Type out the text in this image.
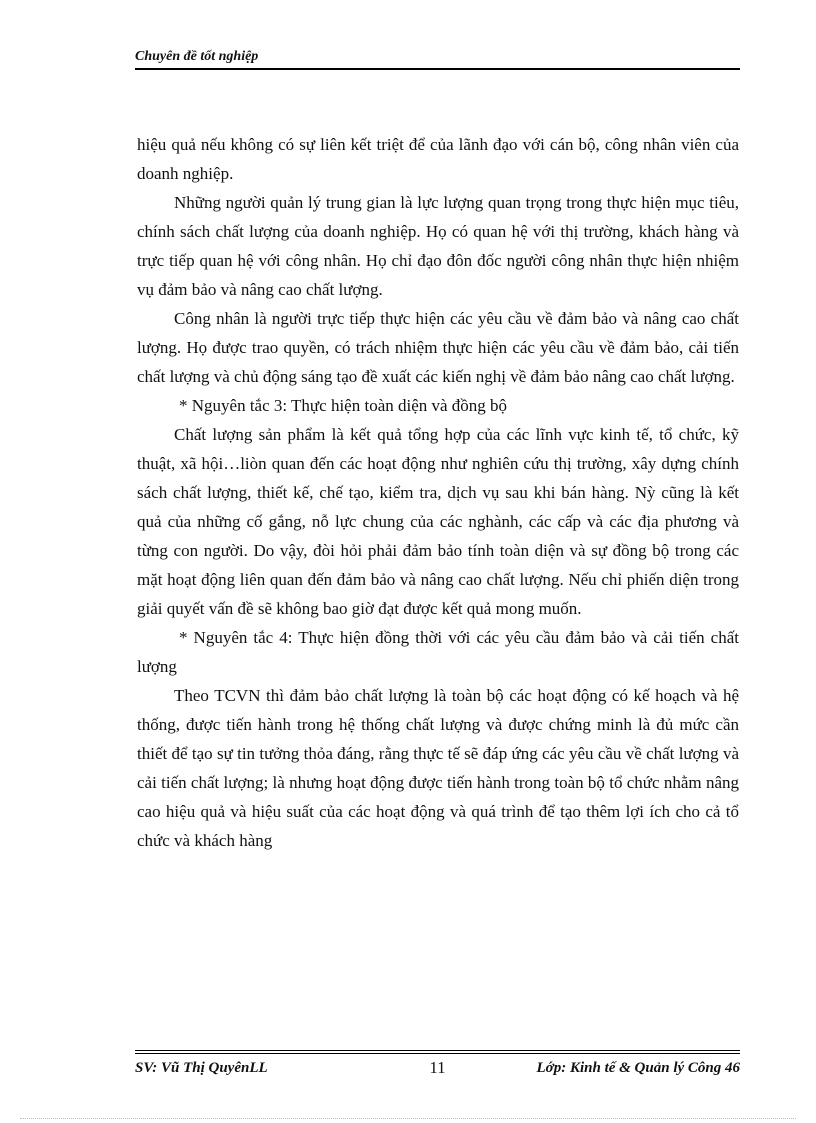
Chuyên đề tốt nghiệp

hiệu quả nếu không có sự liên kết triệt để của lãnh đạo với cán bộ, công nhân viên của doanh nghiệp.

Những người quản lý trung gian là lực lượng quan trọng trong thực hiện mục tiêu, chính sách chất lượng của doanh nghiệp. Họ có quan hệ với thị trường, khách hàng và trực tiếp quan hệ với công nhân. Họ chỉ đạo đôn đốc người công nhân thực hiện nhiệm vụ đảm bảo và nâng cao chất lượng.

Công nhân là người trực tiếp thực hiện các yêu cầu về đảm bảo và nâng cao chất lượng. Họ được trao quyền, có trách nhiệm thực hiện các yêu cầu về đảm bảo, cải tiến chất lượng và chủ động sáng tạo đề xuất các kiến nghị về đảm bảo nâng cao chất lượng.

* Nguyên tắc 3: Thực hiện toàn diện và đồng bộ

Chất lượng sản phẩm là kết quả tổng hợp của các lĩnh vực kinh tế, tổ chức, kỹ thuật, xã hội…liòn quan đến các hoạt động như nghiên cứu thị trường, xây dựng chính sách chất lượng, thiết kế, chế tạo, kiểm tra, dịch vụ sau khi bán hàng. Nỳ cũng là kết quả của những cố gắng, nỗ lực chung của các nghành, các cấp và các địa phương và từng con người. Do vậy, đòi hỏi phải đảm bảo tính toàn diện và sự đồng bộ trong các mặt hoạt động liên quan đến đảm bảo và nâng cao chất lượng. Nếu chỉ phiến diện trong giải quyết vấn đề sẽ không bao giờ đạt được kết quả mong muốn.

* Nguyên tắc 4: Thực hiện đồng thời với các yêu cầu đảm bảo và cải tiến chất lượng

Theo TCVN thì đảm bảo chất lượng là toàn bộ các hoạt động có kế hoạch và hệ thống, được tiến hành trong hệ thống chất lượng và được chứng minh là đủ mức cần thiết để tạo sự tin tưởng thỏa đáng, rằng thực tế sẽ đáp ứng các yêu cầu về chất lượng và cải tiến chất lượng; là nhưng hoạt động được tiến hành trong toàn bộ tổ chức nhằm nâng cao hiệu quả và hiệu suất của các hoạt động và quá trình để tạo thêm lợi ích cho cả tổ chức và khách hàng

SV: Vũ Thị QuyênLL	11	Lớp: Kinh tế & Quản lý Công 46
